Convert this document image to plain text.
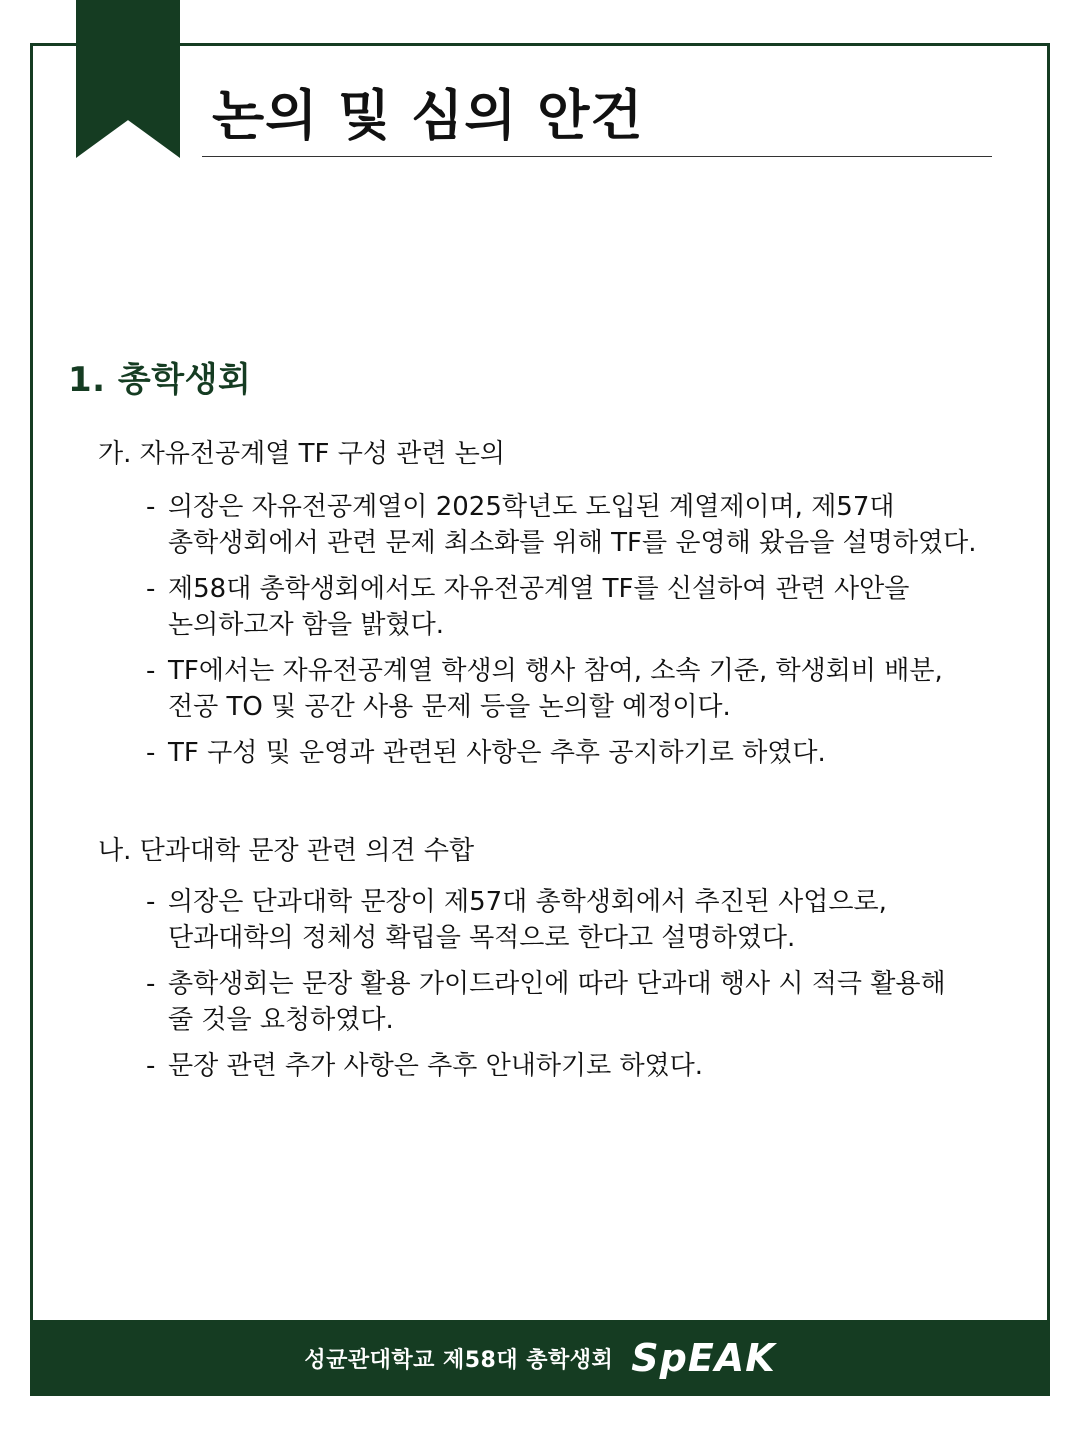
논의 및 심의 안건
1. 총학생회
가. 자유전공계열 TF 구성 관련 논의
- 의장은 자유전공계열이 2025학년도 도입된 계열제이며, 제57대
총학생회에서 관련 문제 최소화를 위해 TF를 운영해 왔음을 설명하였다.
- 제58대 총학생회에서도 자유전공계열 TF를 신설하여 관련 사안을
논의하고자 함을 밝혔다.
- TF에서는 자유전공계열 학생의 행사 참여, 소속 기준, 학생회비 배분,
전공 TO 및 공간 사용 문제 등을 논의할 예정이다.
- TF 구성 및 운영과 관련된 사항은 추후 공지하기로 하였다.
나. 단과대학 문장 관련 의견 수합
- 의장은 단과대학 문장이 제57대 총학생회에서 추진된 사업으로,
단과대학의 정체성 확립을 목적으로 한다고 설명하였다.
- 총학생회는 문장 활용 가이드라인에 따라 단과대 행사 시 적극 활용해
줄 것을 요청하였다.
- 문장 관련 추가 사항은 추후 안내하기로 하였다.
성균관대학교 제58대 총학생회 SpEAK
